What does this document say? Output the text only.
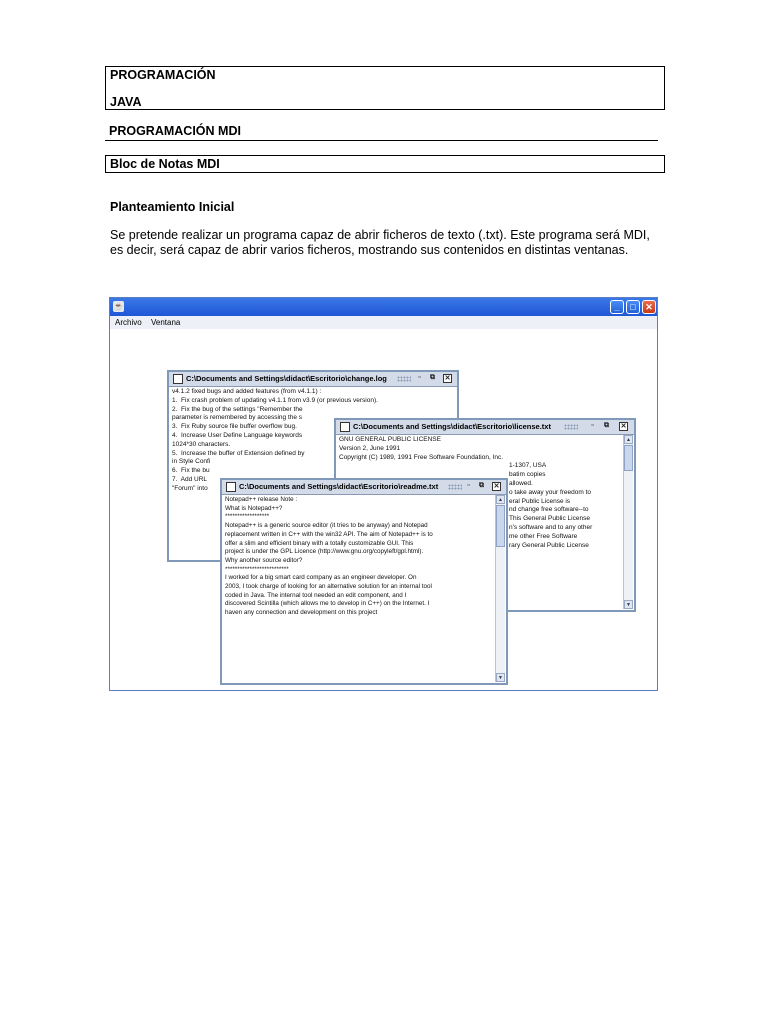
PROGRAMACIÓN
JAVA
PROGRAMACIÓN MDI
Bloc de Notas MDI
Planteamiento Inicial
Se pretende realizar un programa capaz de abrir ficheros de texto (.txt). Este programa será MDI, es decir, será capaz de abrir varios ficheros, mostrando sus contenidos en distintas ventanas.
☕	_	□	✕
Archivo Ventana
C:\Documents and Settings\didact\Escritorio\change.log	▫	⧉ ✕
v4.1.2 fixed bugs and added features (from v4.1.1) :
1.  Fix crash problem of updating v4.1.1 from v3.9 (or previous version).
2.  Fix the bug of the settings "Remember the
parameter is remembered by accessing the s
3.  Fix Ruby source file buffer overflow bug.
4.  Increase User Define Language keywords
1024*30 characters.
5.  Increase the buffer of Extension defined by
in Style Confi
6.  Fix the bu
7.  Add URL
"Forum" into
C:\Documents and Settings\didact\Escritorio\license.txt	▫	⧉ ✕
GNU GENERAL PUBLIC LICENSE
Version 2, June 1991
Copyright (C) 1989, 1991 Free Software Foundation, Inc.
1-1307, USA
batim copies
allowed.
o take away your freedom to
eral Public License is
nd change free software--to
This General Public License
n's software and to any other
me other Free Software
rary General Public License
▲
▼
C:\Documents and Settings\didact\Escritorio\readme.txt	▫	⧉ ✕
Notepad++ release Note :
What is Notepad++?
******************
Notepad++ is a generic source editor (it tries to be anyway) and Notepad
replacement written in C++ with the win32 API. The aim of Notepad++ is to
offer a slim and efficient binary with a totally customizable GUI. This
project is under the GPL Licence (http://www.gnu.org/copyleft/gpl.html).
Why another source editor?
**************************
I worked for a big smart card company as an engineer developer. On
2003, I took charge of looking for an alternative solution for an internal tool
coded in Java. The internal tool needed an edit component, and I
discovered Scintilla (which allows me to develop in C++) on the Internet. I
haven any connection and development on this project
▲
▼
